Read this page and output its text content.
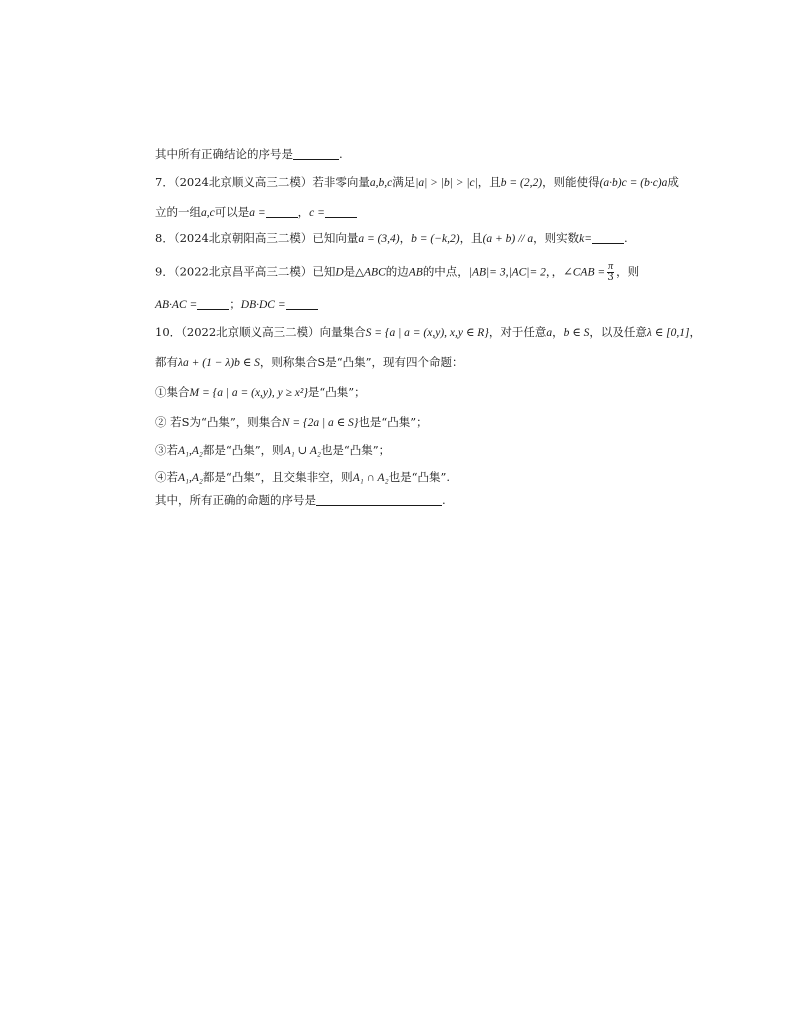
其中所有正确结论的序号是	.
7．（2024北京顺义高三二模）若非零向量a,b,c满足|a| > |b| > |c|，且b = (2,2)，则能使得(a·b)c = (b·c)a成
立的一组a,c可以是a =	，c =
8．（2024北京朝阳高三二模）已知向量a = (3,4)，b = (−k,2)，且(a + b) // a，则实数k=	.
9．（2022北京昌平高三二模）已知D是△ABC的边AB的中点，|AB|= 3,|AC|= 2，，∠CAB = $\frac{\pi}{3}$ ，则
AB·AC =	；DB·DC =
10．（2022北京顺义高三二模）向量集合S = {a | a = (x,y), x,y ∈ R}，对于任意a，b ∈ S，以及任意λ ∈ [0,1]，
都有λa + (1 − λ)b ∈ S，则称集合S是“凸集”，现有四个命题：
①集合M = {a | a = (x,y), y ≥ x²}是“凸集”；
② 若S为“凸集”，则集合N = {2a | a ∈ S}也是“凸集”；
③若A₁,A₂都是“凸集”，则A₁ ∪ A₂也是“凸集”；
④若A₁,A₂都是“凸集”，且交集非空，则A₁ ∩ A₂也是“凸集”.
其中，所有正确的命题的序号是	.
